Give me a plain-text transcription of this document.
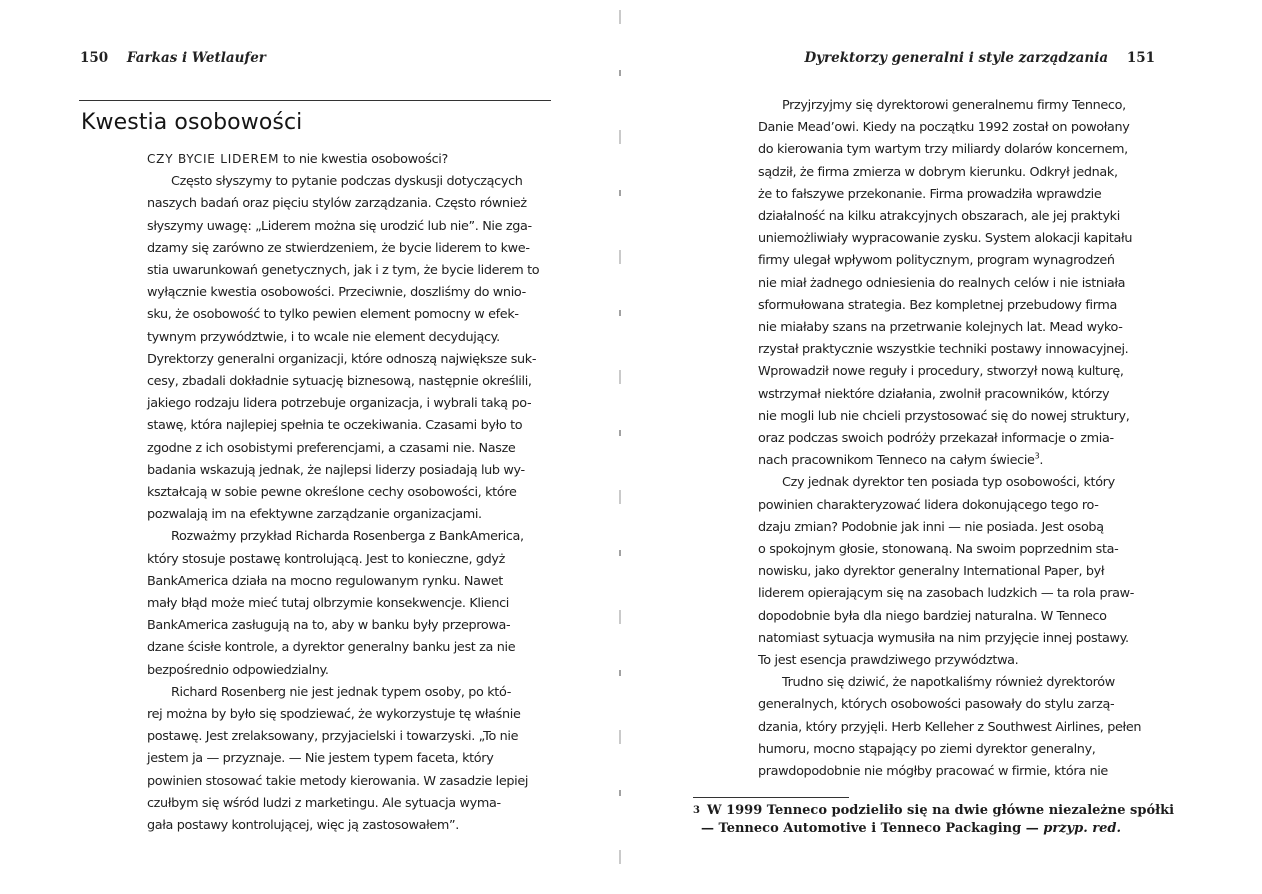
150 Farkas i Wetlaufer
Kwestia osobowości

CZY BYCIE LIDEREM to nie kwestia osobowości?

Często słyszymy to pytanie podczas dyskusji dotyczących

naszych badań oraz pięciu stylów zarządzania. Często również

słyszymy uwagę: „Liderem można się urodzić lub nie”. Nie zga-

dzamy się zarówno ze stwierdzeniem, że bycie liderem to kwe-

stia uwarunkowań genetycznych, jak i z tym, że bycie liderem to

wyłącznie kwestia osobowości. Przeciwnie, doszliśmy do wnio-

sku, że osobowość to tylko pewien element pomocny w efek-

tywnym przywództwie, i to wcale nie element decydujący.

Dyrektorzy generalni organizacji, które odnoszą największe suk-

cesy, zbadali dokładnie sytuację biznesową, następnie określili,

jakiego rodzaju lidera potrzebuje organizacja, i wybrali taką po-

stawę, która najlepiej spełnia te oczekiwania. Czasami było to

zgodne z ich osobistymi preferencjami, a czasami nie. Nasze

badania wskazują jednak, że najlepsi liderzy posiadają lub wy-

kształcają w sobie pewne określone cechy osobowości, które

pozwalają im na efektywne zarządzanie organizacjami.

Rozważmy przykład Richarda Rosenberga z BankAmerica,

który stosuje postawę kontrolującą. Jest to konieczne, gdyż

BankAmerica działa na mocno regulowanym rynku. Nawet

mały błąd może mieć tutaj olbrzymie konsekwencje. Klienci

BankAmerica zasługują na to, aby w banku były przeprowa-

dzane ścisłe kontrole, a dyrektor generalny banku jest za nie

bezpośrednio odpowiedzialny.

Richard Rosenberg nie jest jednak typem osoby, po któ-

rej można by było się spodziewać, że wykorzystuje tę właśnie

postawę. Jest zrelaksowany, przyjacielski i towarzyski. „To nie

jestem ja — przyznaje. — Nie jestem typem faceta, który

powinien stosować takie metody kierowania. W zasadzie lepiej

czułbym się wśród ludzi z marketingu. Ale sytuacja wyma-

gała postawy kontrolującej, więc ją zastosowałem”.

Dyrektorzy generalni i style zarządzania 151

Przyjrzyjmy się dyrektorowi generalnemu firmy Tenneco,

Danie Mead’owi. Kiedy na początku 1992 został on powołany

do kierowania tym wartym trzy miliardy dolarów koncernem,

sądził, że firma zmierza w dobrym kierunku. Odkrył jednak,

że to fałszywe przekonanie. Firma prowadziła wprawdzie

działalność na kilku atrakcyjnych obszarach, ale jej praktyki

uniemożliwiały wypracowanie zysku. System alokacji kapitału

firmy ulegał wpływom politycznym, program wynagrodzeń

nie miał żadnego odniesienia do realnych celów i nie istniała

sformułowana strategia. Bez kompletnej przebudowy firma

nie miałaby szans na przetrwanie kolejnych lat. Mead wyko-

rzystał praktycznie wszystkie techniki postawy innowacyjnej.

Wprowadził nowe reguły i procedury, stworzył nową kulturę,

wstrzymał niektóre działania, zwolnił pracowników, którzy

nie mogli lub nie chcieli przystosować się do nowej struktury,

oraz podczas swoich podróży przekazał informacje o zmia-

nach pracownikom Tenneco na całym świecie$^3$.

Czy jednak dyrektor ten posiada typ osobowości, który

powinien charakteryzować lidera dokonującego tego ro-

dzaju zmian? Podobnie jak inni — nie posiada. Jest osobą

o spokojnym głosie, stonowaną. Na swoim poprzednim sta-

nowisku, jako dyrektor generalny International Paper, był

liderem opierającym się na zasobach ludzkich — ta rola praw-

dopodobnie była dla niego bardziej naturalna. W Tenneco

natomiast sytuacja wymusiła na nim przyjęcie innej postawy.

To jest esencja prawdziwego przywództwa.

Trudno się dziwić, że napotkaliśmy również dyrektorów

generalnych, których osobowości pasowały do stylu zarzą-

dzania, który przyjęli. Herb Kelleher z Southwest Airlines, pełen

humoru, mocno stąpający po ziemi dyrektor generalny,

prawdopodobnie nie mógłby pracować w firmie, która nie

3 W 1999 Tenneco podzieliło się na dwie główne niezależne spółki

— Tenneco Automotive i Tenneco Packaging — przyp. red.
